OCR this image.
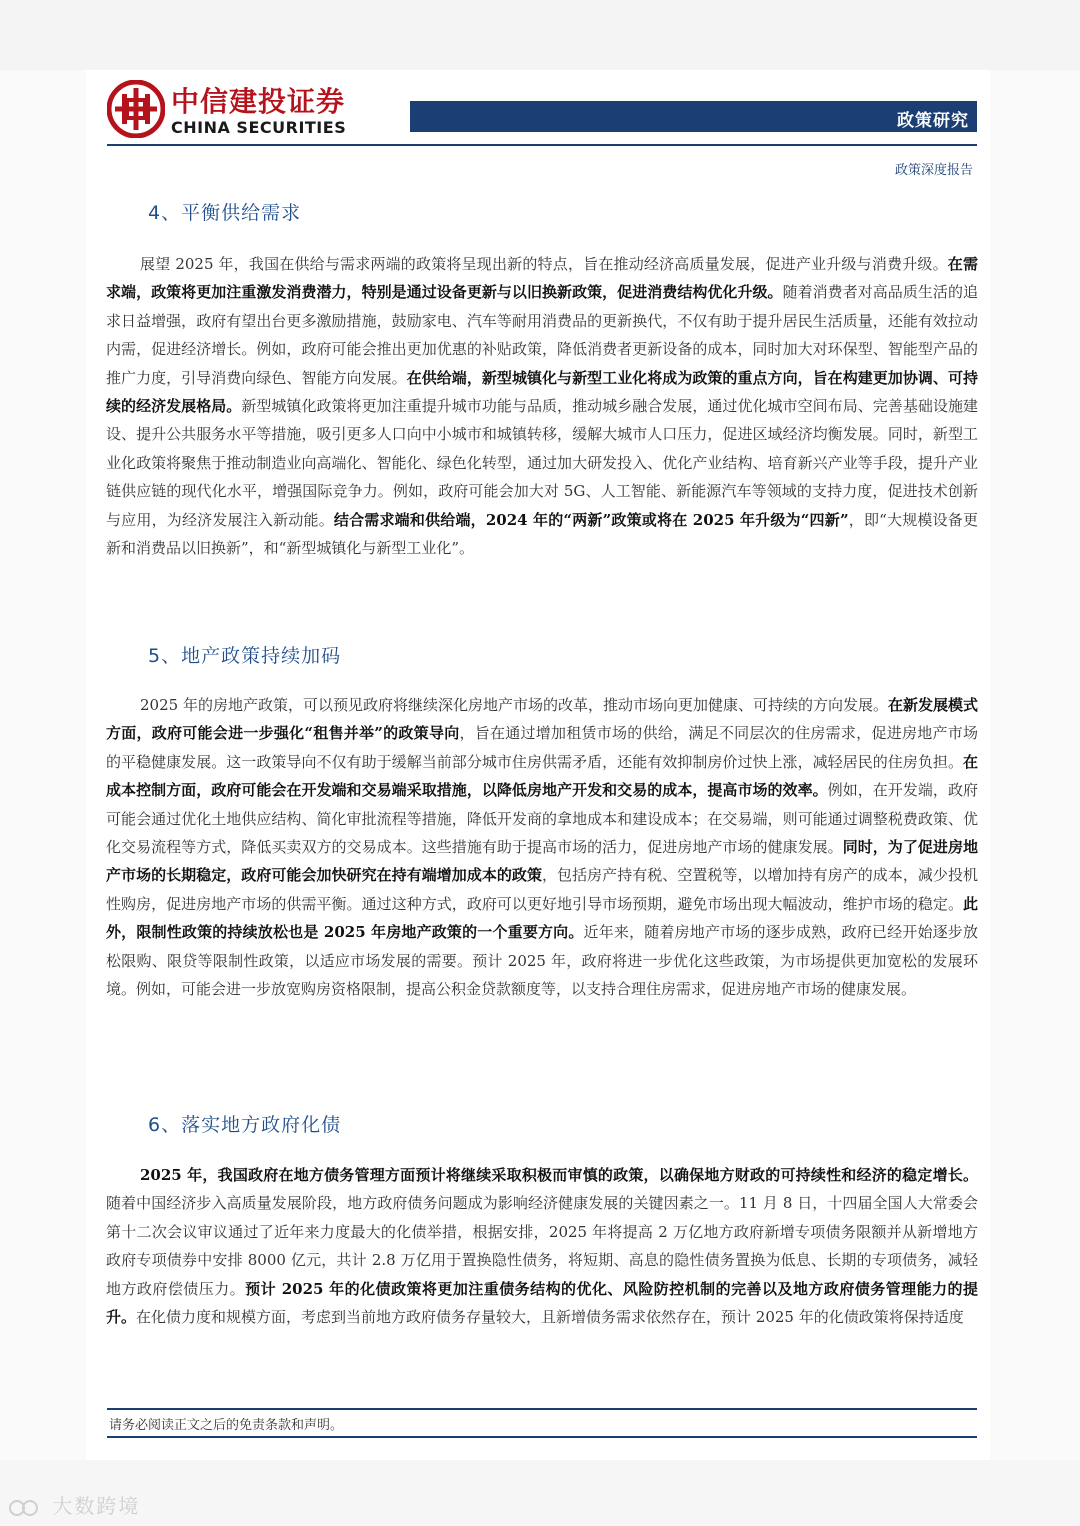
中信建投证券
CHINA SECURITIES	政策研究
政策深度报告
4、平衡供给需求

展望 2025 年，我国在供给与需求两端的政策将呈现出新的特点，旨在推动经济高质量发展，促进产业升级与消费升级。在需求端，政策将更加注重激发消费潜力，特别是通过设备更新与以旧换新政策，促进消费结构优化升级。随着消费者对高品质生活的追求日益增强，政府有望出台更多激励措施，鼓励家电、汽车等耐用消费品的更新换代，不仅有助于提升居民生活质量，还能有效拉动内需，促进经济增长。例如，政府可能会推出更加优惠的补贴政策，降低消费者更新设备的成本，同时加大对环保型、智能型产品的推广力度，引导消费向绿色、智能方向发展。在供给端，新型城镇化与新型工业化将成为政策的重点方向，旨在构建更加协调、可持续的经济发展格局。新型城镇化政策将更加注重提升城市功能与品质，推动城乡融合发展，通过优化城市空间布局、完善基础设施建设、提升公共服务水平等措施，吸引更多人口向中小城市和城镇转移，缓解大城市人口压力，促进区域经济均衡发展。同时，新型工业化政策将聚焦于推动制造业向高端化、智能化、绿色化转型，通过加大研发投入、优化产业结构、培育新兴产业等手段，提升产业链供应链的现代化水平，增强国际竞争力。例如，政府可能会加大对 5G、人工智能、新能源汽车等领域的支持力度，促进技术创新与应用，为经济发展注入新动能。结合需求端和供给端，2024 年的“两新”政策或将在 2025 年升级为“四新”，即“大规模设备更新和消费品以旧换新”，和“新型城镇化与新型工业化”。

5、地产政策持续加码

2025 年的房地产政策，可以预见政府将继续深化房地产市场的改革，推动市场向更加健康、可持续的方向发展。在新发展模式方面，政府可能会进一步强化“租售并举”的政策导向，旨在通过增加租赁市场的供给，满足不同层次的住房需求，促进房地产市场的平稳健康发展。这一政策导向不仅有助于缓解当前部分城市住房供需矛盾，还能有效抑制房价过快上涨，减轻居民的住房负担。在成本控制方面，政府可能会在开发端和交易端采取措施，以降低房地产开发和交易的成本，提高市场的效率。例如，在开发端，政府可能会通过优化土地供应结构、简化审批流程等措施，降低开发商的拿地成本和建设成本；在交易端，则可能通过调整税费政策、优化交易流程等方式，降低买卖双方的交易成本。这些措施有助于提高市场的活力，促进房地产市场的健康发展。同时，为了促进房地产市场的长期稳定，政府可能会加快研究在持有端增加成本的政策，包括房产持有税、空置税等，以增加持有房产的成本，减少投机性购房，促进房地产市场的供需平衡。通过这种方式，政府可以更好地引导市场预期，避免市场出现大幅波动，维护市场的稳定。此外，限制性政策的持续放松也是 2025 年房地产政策的一个重要方向。近年来，随着房地产市场的逐步成熟，政府已经开始逐步放松限购、限贷等限制性政策，以适应市场发展的需要。预计 2025 年，政府将进一步优化这些政策，为市场提供更加宽松的发展环境。例如，可能会进一步放宽购房资格限制，提高公积金贷款额度等，以支持合理住房需求，促进房地产市场的健康发展。

6、落实地方政府化债

2025 年，我国政府在地方债务管理方面预计将继续采取积极而审慎的政策，以确保地方财政的可持续性和经济的稳定增长。随着中国经济步入高质量发展阶段，地方政府债务问题成为影响经济健康发展的关键因素之一。11 月 8 日，十四届全国人大常委会第十二次会议审议通过了近年来力度最大的化债举措，根据安排，2025 年将提高 2 万亿地方政府新增专项债务限额并从新增地方政府专项债券中安排 8000 亿元，共计 2.8 万亿用于置换隐性债务，将短期、高息的隐性债务置换为低息、长期的专项债务，减轻地方政府偿债压力。预计 2025 年的化债政策将更加注重债务结构的优化、风险防控机制的完善以及地方政府债务管理能力的提升。在化债力度和规模方面，考虑到当前地方政府债务存量较大，且新增债务需求依然存在，预计 2025 年的化债政策将保持适度

请务必阅读正文之后的免责条款和声明。
大数跨境
